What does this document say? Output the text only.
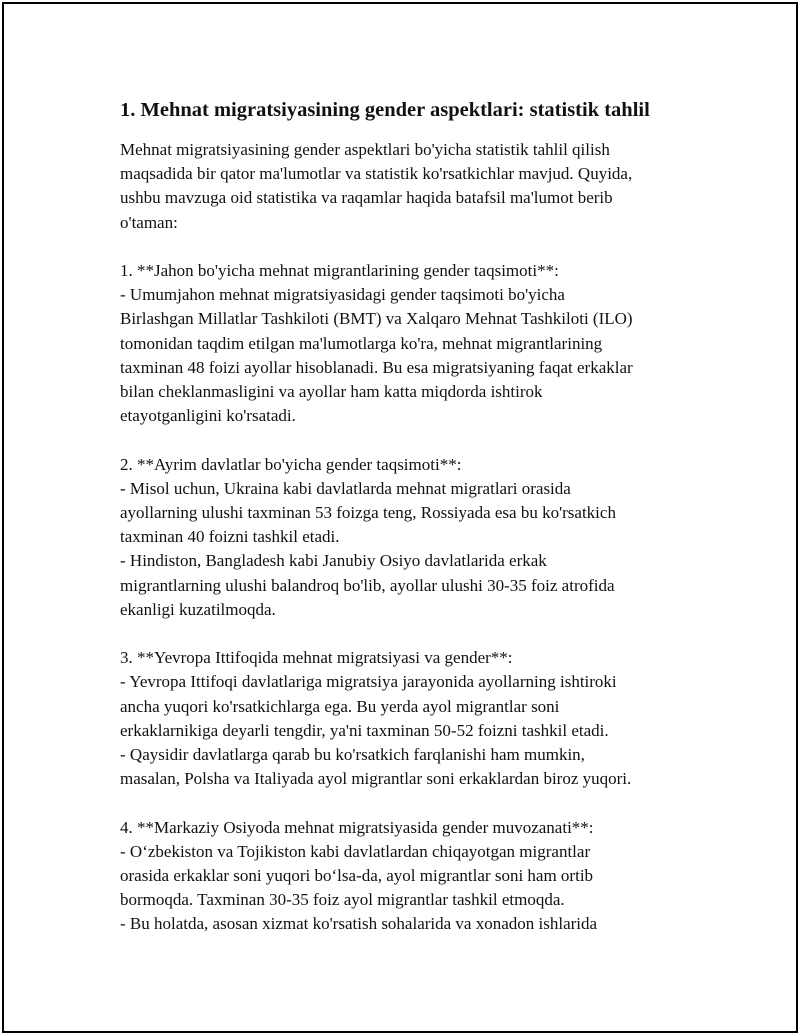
1. Mehnat migratsiyasining gender aspektlari: statistik tahlil

Mehnat migratsiyasining gender aspektlari bo'yicha statistik tahlil qilish
maqsadida bir qator ma'lumotlar va statistik ko'rsatkichlar mavjud. Quyida,
ushbu mavzuga oid statistika va raqamlar haqida batafsil ma'lumot berib
o'taman:

1. **Jahon bo'yicha mehnat migrantlarining gender taqsimoti**:
- Umumjahon mehnat migratsiyasidagi gender taqsimoti bo'yicha
Birlashgan Millatlar Tashkiloti (BMT) va Xalqaro Mehnat Tashkiloti (ILO)
tomonidan taqdim etilgan ma'lumotlarga ko'ra, mehnat migrantlarining
taxminan 48 foizi ayollar hisoblanadi. Bu esa migratsiyaning faqat erkaklar
bilan cheklanmasligini va ayollar ham katta miqdorda ishtirok
etayotganligini ko'rsatadi.

2. **Ayrim davlatlar bo'yicha gender taqsimoti**:
- Misol uchun, Ukraina kabi davlatlarda mehnat migratlari orasida
ayollarning ulushi taxminan 53 foizga teng, Rossiyada esa bu ko'rsatkich
taxminan 40 foizni tashkil etadi.
- Hindiston, Bangladesh kabi Janubiy Osiyo davlatlarida erkak
migrantlarning ulushi balandroq bo'lib, ayollar ulushi 30-35 foiz atrofida
ekanligi kuzatilmoqda.

3. **Yevropa Ittifoqida mehnat migratsiyasi va gender**:
- Yevropa Ittifoqi davlatlariga migratsiya jarayonida ayollarning ishtiroki
ancha yuqori ko'rsatkichlarga ega. Bu yerda ayol migrantlar soni
erkaklarnikiga deyarli tengdir, ya'ni taxminan 50-52 foizni tashkil etadi.
- Qaysidir davlatlarga qarab bu ko'rsatkich farqlanishi ham mumkin,
masalan, Polsha va Italiyada ayol migrantlar soni erkaklardan biroz yuqori.

4. **Markaziy Osiyoda mehnat migratsiyasida gender muvozanati**:
- O‘zbekiston va Tojikiston kabi davlatlardan chiqayotgan migrantlar
orasida erkaklar soni yuqori bo‘lsa-da, ayol migrantlar soni ham ortib
bormoqda. Taxminan 30-35 foiz ayol migrantlar tashkil etmoqda.
- Bu holatda, asosan xizmat ko'rsatish sohalarida va xonadon ishlarida
